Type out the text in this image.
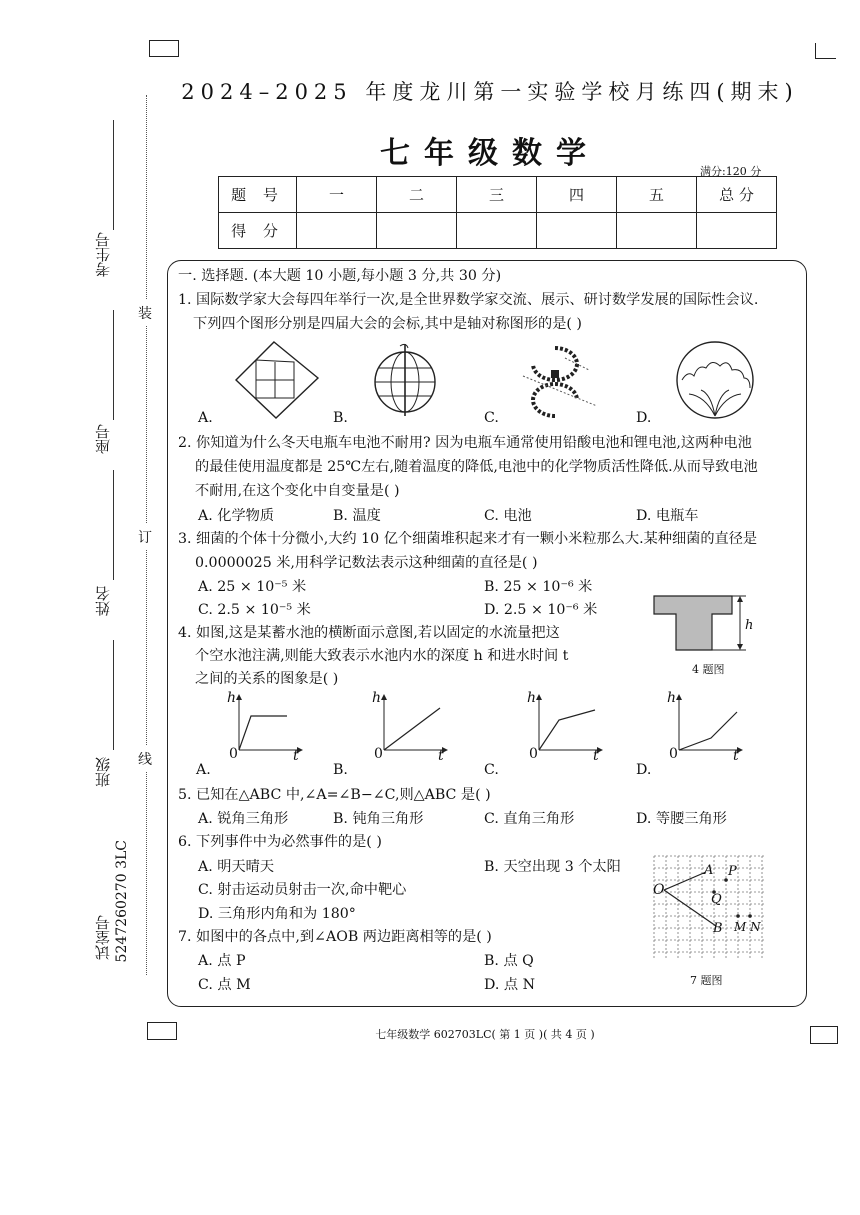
2024–2025 年度龙川第一实验学校月练四(期末)
七年级数学
满分:120 分
题 号	一	二	三	四	五	总 分
得 分						
考生号
座号
姓名
班级
试室号 5247260270 3LC
装
订
线
一. 选择题. (本大题 10 小题,每小题 3 分,共 30 分)
1. 国际数学家大会每四年举行一次,是全世界数学家交流、展示、研讨数学发展的国际性会议.
下列四个图形分别是四届大会的会标,其中是轴对称图形的是( )
A.	B.	C.	D.
2. 你知道为什么冬天电瓶车电池不耐用? 因为电瓶车通常使用铅酸电池和锂电池,这两种电池
的最佳使用温度都是 25℃左右,随着温度的降低,电池中的化学物质活性降低.从而导致电池
不耐用,在这个变化中自变量是( )
A. 化学物质	B. 温度	C. 电池	D. 电瓶车
3. 细菌的个体十分微小,大约 10 亿个细菌堆积起来才有一颗小米粒那么大.某种细菌的直径是
0.0000025 米,用科学记数法表示这种细菌的直径是( )
A. 25 × 10⁻⁵ 米	B. 25 × 10⁻⁶ 米
C. 2.5 × 10⁻⁵ 米	D. 2.5 × 10⁻⁶ 米
h
4 题图
4. 如图,这是某蓄水池的横断面示意图,若以固定的水流量把这
个空水池注满,则能大致表示水池内水的深度 h 和进水时间 t
之间的关系的图象是( )
h
0	t
A.
h
0	t
B.
h
0	t
C.
h
0	t
D.
5. 已知在△ABC 中,∠A=∠B−∠C,则△ABC 是( )
A. 锐角三角形	B. 钝角三角形	C. 直角三角形	D. 等腰三角形
6. 下列事件中为必然事件的是( )
A. 明天晴天	B. 天空出现 3 个太阳
C. 射击运动员射击一次,命中靶心
D. 三角形内角和为 180°
O
A P
Q
B M N
7 题图
7. 如图中的各点中,到∠AOB 两边距离相等的是( )
A. 点 P	B. 点 Q
C. 点 M	D. 点 N
七年级数学 602703LC( 第 1 页 )( 共 4 页 )
